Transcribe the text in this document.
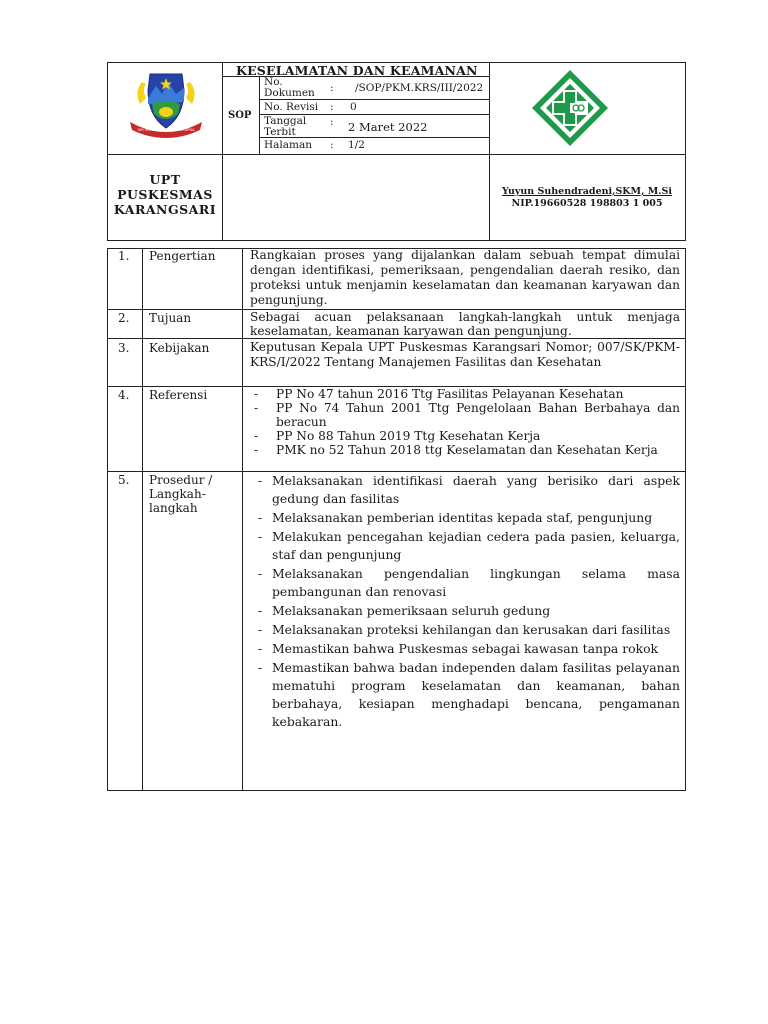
HIR HIRUPNA RENGKA HIRUPNA
KESELAMATAN DAN KEAMANAN
SOP
No.
Dokumen : /SOP/PKM.KRS/III/2022
No. Revisi : 0
Tanggal
Terbit
: 2 Maret 2022
Halaman : 1/2
UPT
PUSKESMAS
KARANGSARI
Yuyun Suhendradeni,SKM, M.Si
NIP.19660528 198803 1 005
1. Pengertian	Rangkaian proses yang dijalankan dalam sebuah tempat dimulai dengan identifikasi, pemeriksaan, pengendalian daerah resiko, dan proteksi untuk menjamin keselamatan dan keamanan karyawan dan pengunjung.
2. Tujuan	Sebagai acuan pelaksanaan langkah-langkah untuk menjaga keselamatan, keamanan karyawan dan pengunjung.
3. Kebijakan	Keputusan Kepala UPT Puskesmas Karangsari Nomor; 007/SK/PKM-KRS/I/2022 Tentang Manajemen Fasilitas dan Kesehatan
4. Referensi	- PP No 47 tahun 2016 Ttg Fasilitas Pelayanan Kesehatan
- PP No 74 Tahun 2001 Ttg Pengelolaan Bahan Berbahaya dan beracun
- PP No 88 Tahun 2019 Ttg Kesehatan Kerja
- PMK no 52 Tahun 2018 ttg Keselamatan dan Kesehatan Kerja
5. Prosedur / Langkah-langkah
- Melaksanakan identifikasi daerah yang berisiko dari aspek gedung dan fasilitas
- Melaksanakan pemberian identitas kepada staf, pengunjung
- Melakukan pencegahan kejadian cedera pada pasien, keluarga, staf dan pengunjung
- Melaksanakan pengendalian lingkungan selama masa pembangunan dan renovasi
- Melaksanakan pemeriksaan seluruh gedung
- Melaksanakan proteksi kehilangan dan kerusakan dari fasilitas
- Memastikan bahwa Puskesmas sebagai kawasan tanpa rokok
- Memastikan bahwa badan independen dalam fasilitas pelayanan mematuhi program keselamatan dan keamanan, bahan berbahaya, kesiapan menghadapi bencana, pengamanan kebakaran.
